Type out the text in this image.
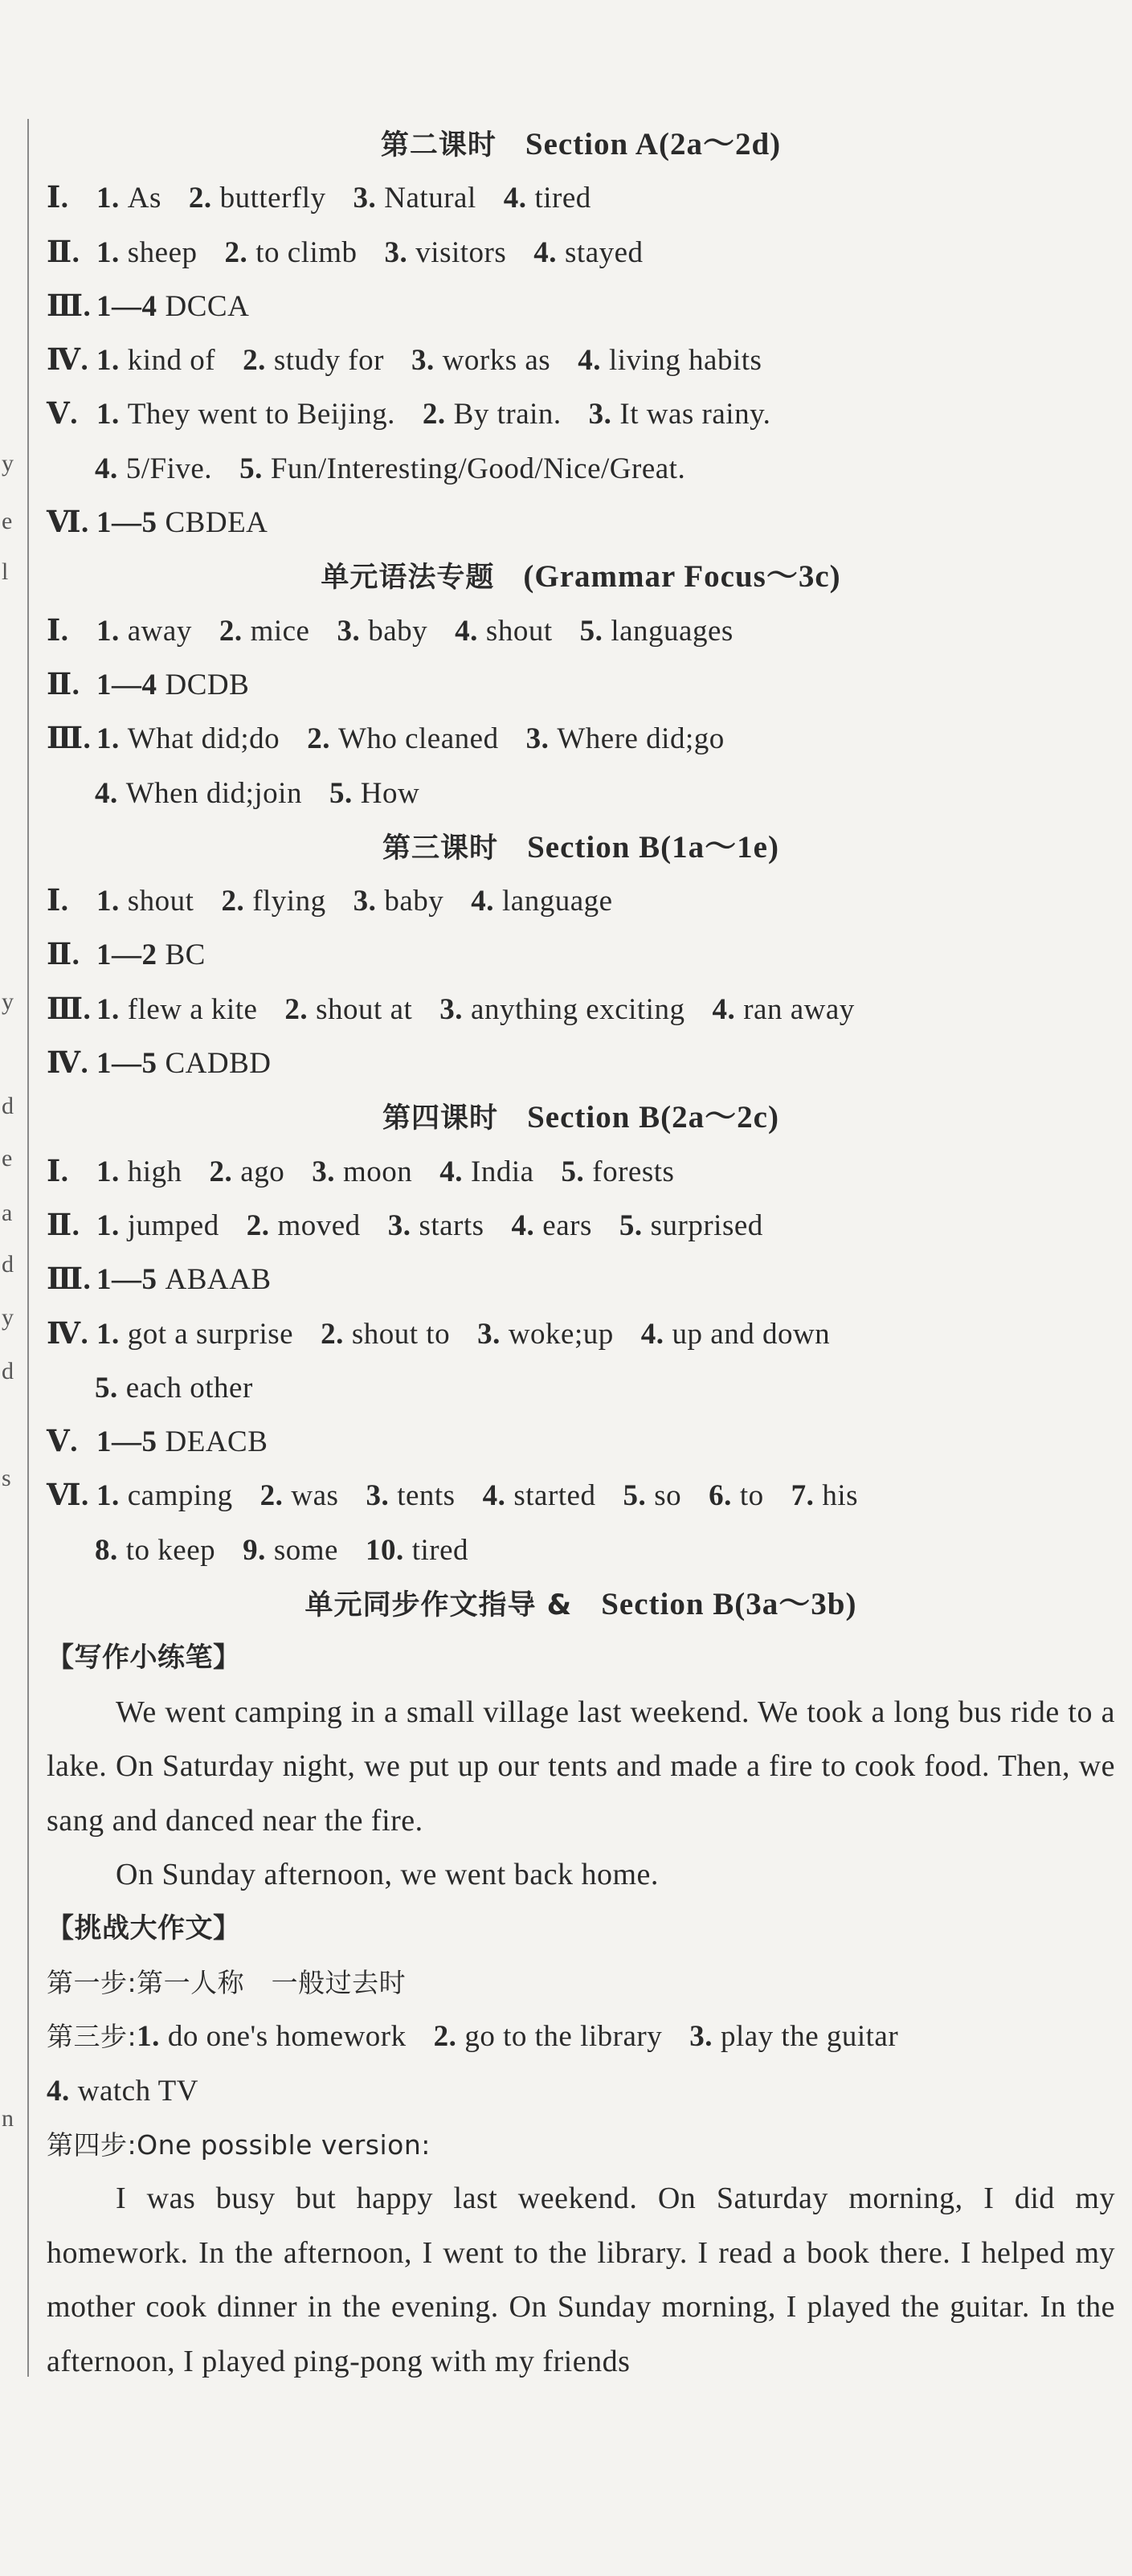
y
e
l
y
d
e
a
d
y
d
s
n
第二课时  Section A(2a～2d)
Ⅰ. 1. As 2. butterfly 3. Natural 4. tired
Ⅱ. 1. sheep 2. to climb 3. visitors 4. stayed
Ⅲ. 1—4 DCCA
Ⅳ. 1. kind of 2. study for 3. works as 4. living habits
Ⅴ. 1. They went to Beijing. 2. By train. 3. It was rainy.
4. 5/Five. 5. Fun/Interesting/Good/Nice/Great.
Ⅵ. 1—5 CBDEA
单元语法专题  (Grammar Focus～3c)
Ⅰ. 1. away 2. mice 3. baby 4. shout 5. languages
Ⅱ. 1—4 DCDB
Ⅲ. 1. What did;do 2. Who cleaned 3. Where did;go
4. When did;join 5. How
第三课时  Section B(1a～1e)
Ⅰ. 1. shout 2. flying 3. baby 4. language
Ⅱ. 1—2 BC
Ⅲ. 1. flew a kite 2. shout at 3. anything exciting 4. ran away
Ⅳ. 1—5 CADBD
第四课时  Section B(2a～2c)
Ⅰ. 1. high 2. ago 3. moon 4. India 5. forests
Ⅱ. 1. jumped 2. moved 3. starts 4. ears 5. surprised
Ⅲ. 1—5 ABAAB
Ⅳ. 1. got a surprise 2. shout to 3. woke;up 4. up and down
5. each other
Ⅴ. 1—5 DEACB
Ⅵ. 1. camping 2. was 3. tents 4. started 5. so 6. to 7. his
8. to keep 9. some 10. tired
单元同步作文指导 &  Section B(3a～3b)
【写作小练笔】

We went camping in a small village last weekend. We took a long bus ride to a lake. On Saturday night, we put up our tents and made a fire to cook food. Then, we sang and danced near the fire.

On Sunday afternoon, we went back home.

【挑战大作文】
第一步:第一人称　一般过去时
第三步:1. do one's homework 2. go to the library 3. play the guitar
4. watch TV
第四步:One possible version:

I was busy but happy last weekend. On Saturday morning, I did my homework. In the afternoon, I went to the library. I read a book there. I helped my mother cook dinner in the evening. On Sunday morning, I played the guitar. In the afternoon, I played ping-pong with my friends
